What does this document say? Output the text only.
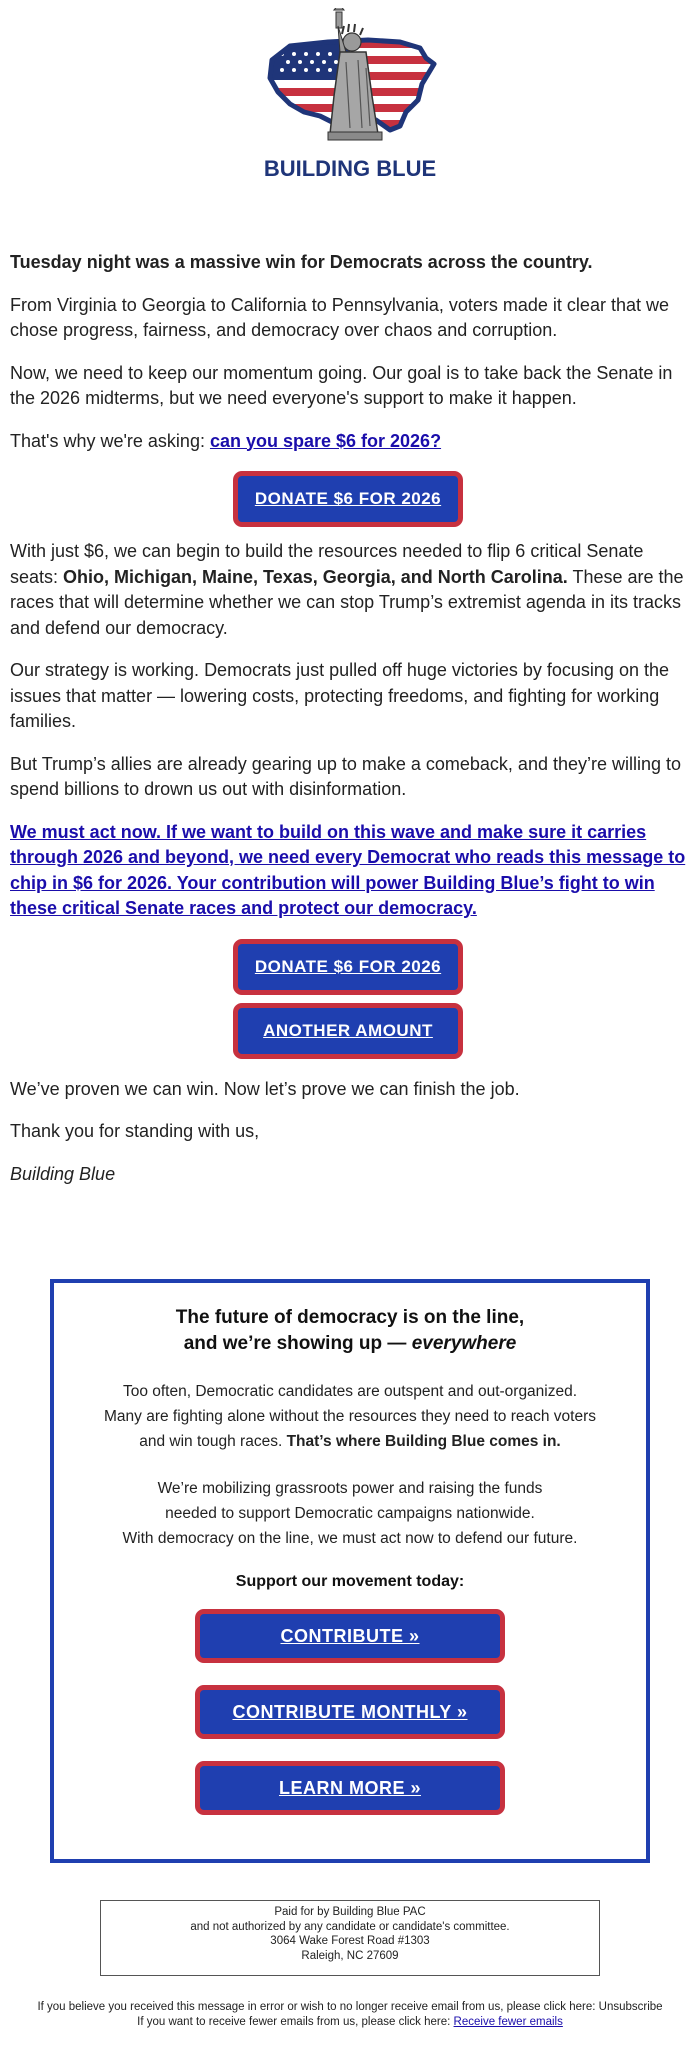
BUILDING BLUE

Tuesday night was a massive win for Democrats across the country.

From Virginia to Georgia to California to Pennsylvania, voters made it clear that we chose progress, fairness, and democracy over chaos and corruption.

Now, we need to keep our momentum going. Our goal is to take back the Senate in the 2026 midterms, but we need everyone's support to make it happen.

That's why we're asking: can you spare $6 for 2026?

DONATE $6 FOR 2026

With just $6, we can begin to build the resources needed to flip 6 critical Senate seats: Ohio, Michigan, Maine, Texas, Georgia, and North Carolina. These are the races that will determine whether we can stop Trump’s extremist agenda in its tracks and defend our democracy.

Our strategy is working. Democrats just pulled off huge victories by focusing on the issues that matter — lowering costs, protecting freedoms, and fighting for working families.

But Trump’s allies are already gearing up to make a comeback, and they’re willing to spend billions to drown us out with disinformation.

We must act now. If we want to build on this wave and make sure it carries through 2026 and beyond, we need every Democrat who reads this message to chip in $6 for 2026. Your contribution will power Building Blue’s fight to win these critical Senate races and protect our democracy.

DONATE $6 FOR 2026
ANOTHER AMOUNT

We’ve proven we can win. Now let’s prove we can finish the job.

Thank you for standing with us,

Building Blue

The future of democracy is on the line,
and we’re showing up — everywhere

Too often, Democratic candidates are outspent and out-organized.
Many are fighting alone without the resources they need to reach voters
and win tough races. That’s where Building Blue comes in.

We’re mobilizing grassroots power and raising the funds
needed to support Democratic campaigns nationwide.
With democracy on the line, we must act now to defend our future.

Support our movement today:

CONTRIBUTE »
CONTRIBUTE MONTHLY »
LEARN MORE »
Paid for by Building Blue PAC
and not authorized by any candidate or candidate's committee.
3064 Wake Forest Road #1303
Raleigh, NC 27609
If you believe you received this message in error or wish to no longer receive email from us, please click here: Unsubscribe
If you want to receive fewer emails from us, please click here: Receive fewer emails
